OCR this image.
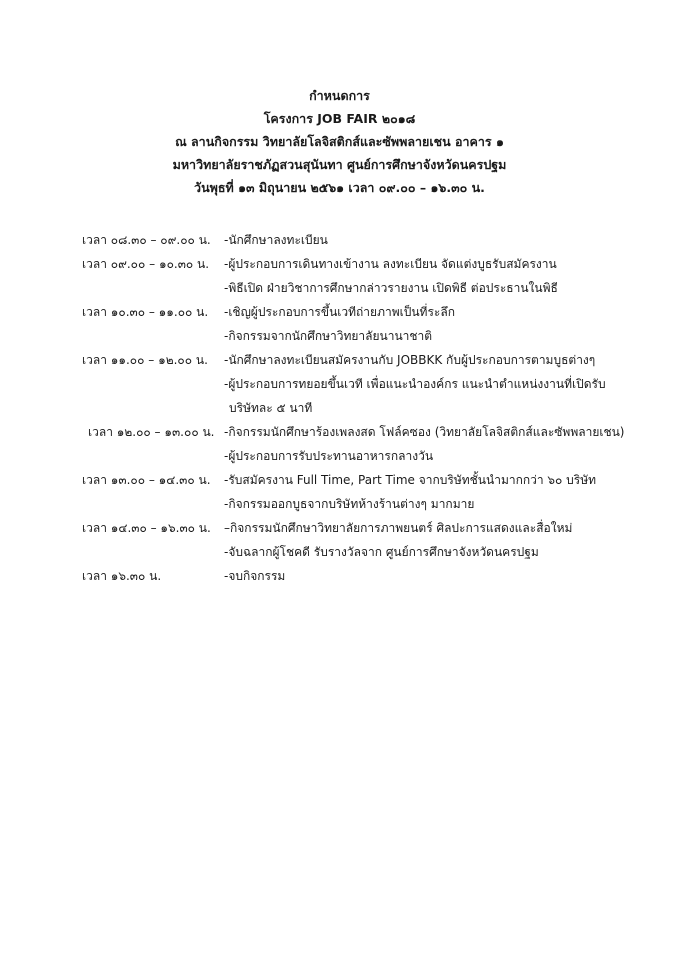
กำหนดการ
โครงการ JOB FAIR ๒๐๑๘
ณ ลานกิจกรรม วิทยาลัยโลจิสติกส์และซัพพลายเชน อาคาร ๑
มหาวิทยาลัยราชภัฏสวนสุนันทา ศูนย์การศึกษาจังหวัดนครปฐม
วันพุธที่ ๑๓ มิถุนายน ๒๕๖๑ เวลา ๐๙.๐๐ – ๑๖.๓๐ น.
เวลา ๐๘.๓๐ – ๐๙.๐๐ น. -นักศึกษาลงทะเบียน
เวลา ๐๙.๐๐ – ๑๐.๓๐ น. -ผู้ประกอบการเดินทางเข้างาน ลงทะเบียน จัดแต่งบูธรับสมัครงาน
-พิธีเปิด ฝ่ายวิชาการศึกษากล่าวรายงาน เปิดพิธี ต่อประธานในพิธี
เวลา ๑๐.๓๐ – ๑๑.๐๐ น. -เชิญผู้ประกอบการขึ้นเวทีถ่ายภาพเป็นที่ระลึก
-กิจกรรมจากนักศึกษาวิทยาลัยนานาชาติ
เวลา ๑๑.๐๐ – ๑๒.๐๐ น. -นักศึกษาลงทะเบียนสมัครงานกับ JOBBKK กับผู้ประกอบการตามบูธต่างๆ
-ผู้ประกอบการทยอยขึ้นเวที เพื่อแนะนำองค์กร แนะนำตำแหน่งงานที่เปิดรับ
บริษัทละ ๕ นาที
เวลา ๑๒.๐๐ – ๑๓.๐๐ น. -กิจกรรมนักศึกษาร้องเพลงสด โฟล์คซอง (วิทยาลัยโลจิสติกส์และซัพพลายเชน)
-ผู้ประกอบการรับประทานอาหารกลางวัน
เวลา ๑๓.๐๐ – ๑๔.๓๐ น. -รับสมัครงาน Full Time, Part Time จากบริษัทชั้นนำมากกว่า ๖๐ บริษัท
-กิจกรรมออกบูธจากบริษัทห้างร้านต่างๆ มากมาย
เวลา ๑๔.๓๐ – ๑๖.๓๐ น. –กิจกรรมนักศึกษาวิทยาลัยการภาพยนตร์ ศิลปะการแสดงและสื่อใหม่
-จับฉลากผู้โชคดี รับรางวัลจาก ศูนย์การศึกษาจังหวัดนครปฐม
เวลา ๑๖.๓๐ น.	-จบกิจกรรม
